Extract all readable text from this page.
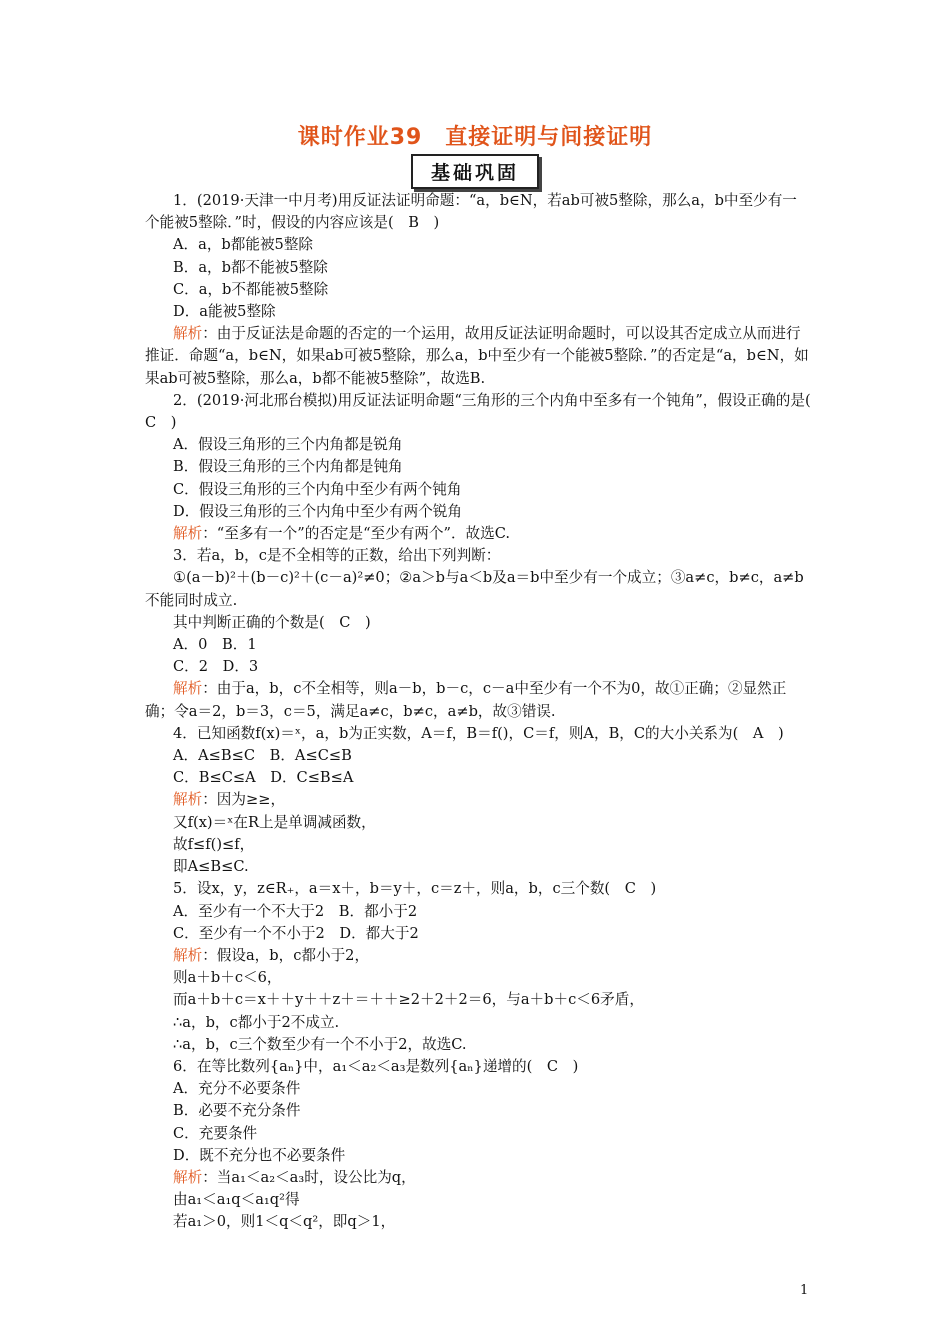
课时作业39　直接证明与间接证明
基础巩固

1．(2019·天津一中月考)用反证法证明命题：“a，b∈N，若ab可被5整除，那么a，b中至少有一个能被5整除．”时，假设的内容应该是(　B　)

A．a，b都能被5整除

B．a，b都不能被5整除

C．a，b不都能被5整除

D．a能被5整除

解析：由于反证法是命题的否定的一个运用，故用反证法证明命题时，可以设其否定成立从而进行推证．命题“a，b∈N，如果ab可被5整除，那么a，b中至少有一个能被5整除．”的否定是“a，b∈N，如果ab可被5整除，那么a，b都不能被5整除”，故选B.

2．(2019·河北邢台模拟)用反证法证明命题“三角形的三个内角中至多有一个钝角”，假设正确的是(　C　)

A．假设三角形的三个内角都是锐角

B．假设三角形的三个内角都是钝角

C．假设三角形的三个内角中至少有两个钝角

D．假设三角形的三个内角中至少有两个锐角

解析：“至多有一个”的否定是“至少有两个”．故选C.

3．若a，b，c是不全相等的正数，给出下列判断：

①(a－b)²＋(b－c)²＋(c－a)²≠0；②a＞b与a＜b及a＝b中至少有一个成立；③a≠c，b≠c，a≠b不能同时成立.

其中判断正确的个数是(　C　)

A．0　B．1

C．2　D．3

解析：由于a，b，c不全相等，则a－b，b－c，c－a中至少有一个不为0，故①正确；②显然正确；令a＝2，b＝3，c＝5，满足a≠c，b≠c，a≠b，故③错误.

4．已知函数f(x)＝ˣ，a，b为正实数，A＝f，B＝f()，C＝f，则A，B，C的大小关系为(　A　)

A．A≤B≤C　B．A≤C≤B

C．B≤C≤A　D．C≤B≤A

解析：因为≥≥，

又f(x)＝ˣ在R上是单调减函数，

故f≤f()≤f，

即A≤B≤C.

5．设x，y，z∈R₊，a＝x＋，b＝y＋，c＝z＋，则a，b，c三个数(　C　)

A．至少有一个不大于2　B．都小于2

C．至少有一个不小于2　D．都大于2

解析：假设a，b，c都小于2，

则a＋b＋c＜6，

而a＋b＋c＝x＋＋y＋＋z＋＝＋＋≥2＋2＋2＝6，与a＋b＋c＜6矛盾，

∴a，b，c都小于2不成立.

∴a，b，c三个数至少有一个不小于2，故选C.

6．在等比数列{aₙ}中，a₁＜a₂＜a₃是数列{aₙ}递增的(　C　)

A．充分不必要条件

B．必要不充分条件

C．充要条件

D．既不充分也不必要条件

解析：当a₁＜a₂＜a₃时，设公比为q，

由a₁＜a₁q＜a₁q²得

若a₁＞0，则1＜q＜q²，即q＞1，

1
